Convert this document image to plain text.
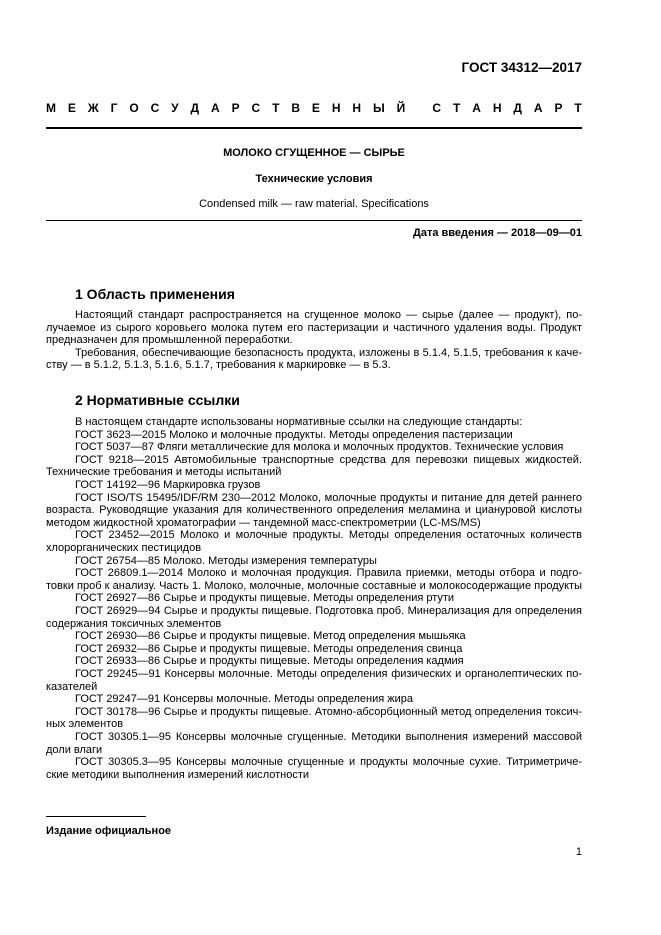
ГОСТ 34312—2017
М Е Ж Г О С У Д А Р С Т В Е Н Н Ы Й
С Т А Н Д А Р Т
МОЛОКО СГУЩЕННОЕ — СЫРЬЕ
Технические условия
Condensed milk — raw material. Specifications
Дата введения — 2018—09—01
1 Область применения
Настоящий стандарт распространяется на сгущенное молоко — сырье (далее — продукт), по-
лучаемое из сырого коровьего молока путем его пастеризации и частичного удаления воды. Продукт
предназначен для промышленной переработки.
Требования, обеспечивающие безопасность продукта, изложены в 5.1.4, 5.1.5, требования к каче-
ству — в 5.1.2, 5.1.3, 5.1.6, 5.1.7, требования к маркировке — в 5.3.
2 Нормативные ссылки
В настоящем стандарте использованы нормативные ссылки на следующие стандарты:
ГОСТ 3623—2015 Молоко и молочные продукты. Методы определения пастеризации
ГОСТ 5037—87 Фляги металлические для молока и молочных продуктов. Технические условия
ГОСТ 9218—2015 Автомобильные транспортные средства для перевозки пищевых жидкостей.
Технические требования и методы испытаний
ГОСТ 14192—96 Маркировка грузов
ГОСТ ISO/TS 15495/IDF/RM 230—2012 Молоко, молочные продукты и питание для детей раннего
возраста. Руководящие указания для количественного определения меламина и циануровой кислоты
методом жидкостной хроматографии — тандемной масс-спектрометрии (LC-MS/MS)
ГОСТ 23452—2015 Молоко и молочные продукты. Методы определения остаточных количеств
хлорорганических пестицидов
ГОСТ 26754—85 Молоко. Методы измерения температуры
ГОСТ 26809.1—2014 Молоко и молочная продукция. Правила приемки, методы отбора и подго-
товки проб к анализу. Часть 1. Молоко, молочные, молочные составные и молокосодержащие продукты
ГОСТ 26927—86 Сырье и продукты пищевые. Методы определения ртути
ГОСТ 26929—94 Сырье и продукты пищевые. Подготовка проб. Минерализация для определения
содержания токсичных элементов
ГОСТ 26930—86 Сырье и продукты пищевые. Метод определения мышьяка
ГОСТ 26932—86 Сырье и продукты пищевые. Методы определения свинца
ГОСТ 26933—86 Сырье и продукты пищевые. Методы определения кадмия
ГОСТ 29245—91 Консервы молочные. Методы определения физических и органолептических по-
казателей
ГОСТ 29247—91 Консервы молочные. Методы определения жира
ГОСТ 30178—96 Сырье и продукты пищевые. Атомно-абсорбционный метод определения токсич-
ных элементов
ГОСТ 30305.1—95 Консервы молочные сгущенные. Методики выполнения измерений массовой
доли влаги
ГОСТ 30305.3—95 Консервы молочные сгущенные и продукты молочные сухие. Титриметриче-
ские методики выполнения измерений кислотности
Издание официальное
1
